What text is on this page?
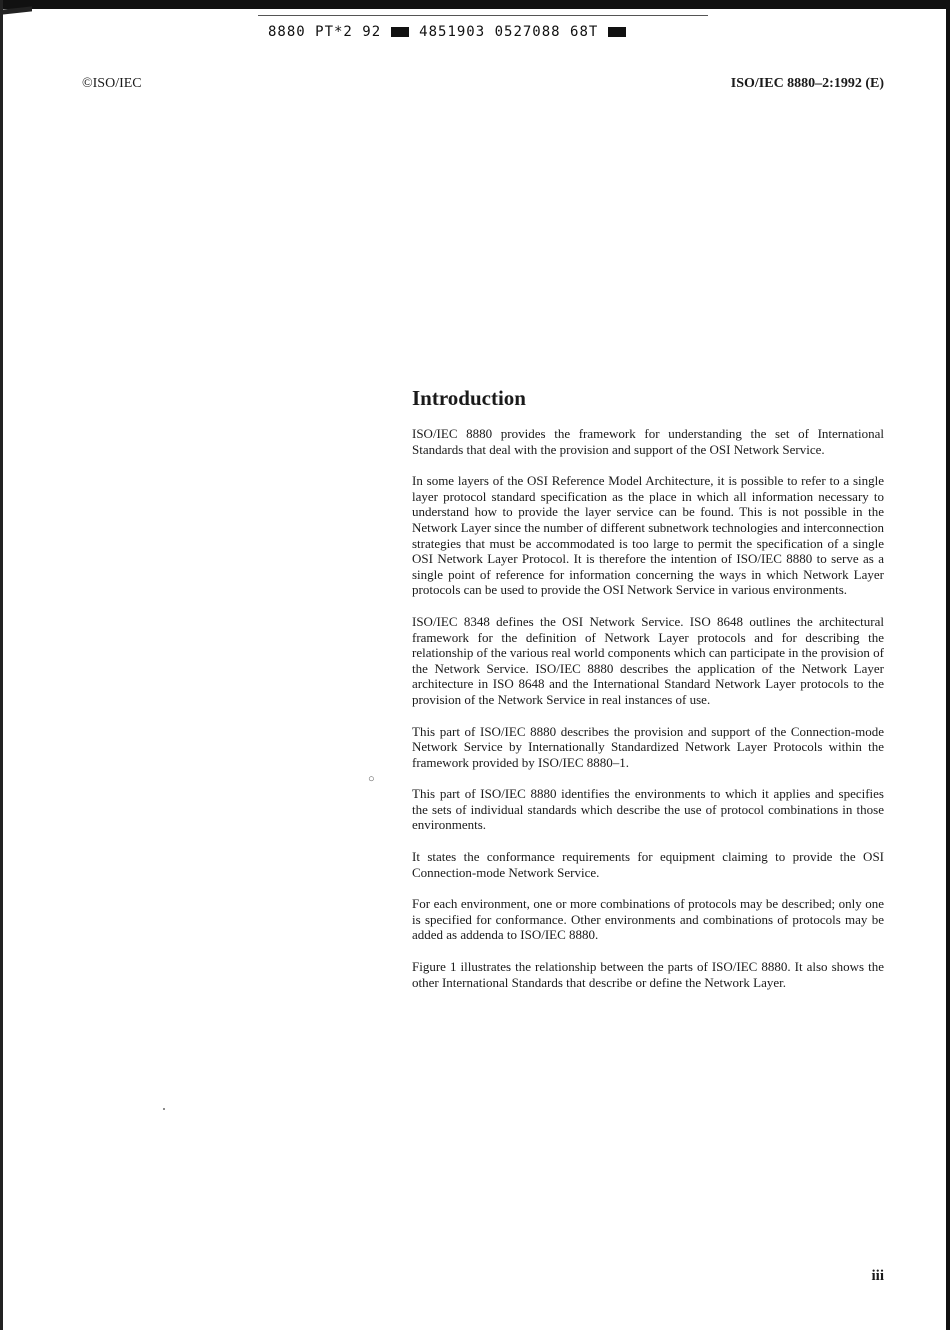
8880 PT*2 92	4851903 0527088 68T
©ISO/IEC	ISO/IEC 8880–2:1992 (E)
Introduction

ISO/IEC 8880 provides the framework for understanding the set of International Standards that deal with the provision and support of the OSI Network Service.

In some layers of the OSI Reference Model Architecture, it is possible to refer to a single layer protocol standard specification as the place in which all information necessary to understand how to provide the layer service can be found. This is not possible in the Network Layer since the number of different subnetwork technologies and interconnection strategies that must be accommodated is too large to permit the specification of a single OSI Network Layer Protocol. It is therefore the intention of ISO/IEC 8880 to serve as a single point of reference for information concerning the ways in which Network Layer protocols can be used to provide the OSI Network Service in various environments.

ISO/IEC 8348 defines the OSI Network Service. ISO 8648 outlines the architectural framework for the definition of Network Layer protocols and for describing the relationship of the various real world components which can participate in the provision of the Network Service. ISO/IEC 8880 describes the application of the Network Layer architecture in ISO 8648 and the International Standard Network Layer protocols to the provision of the Network Service in real instances of use.

This part of ISO/IEC 8880 describes the provision and support of the Connection-mode Network Service by Internationally Standardized Network Layer Protocols within the framework provided by ISO/IEC 8880–1.

This part of ISO/IEC 8880 identifies the environments to which it applies and specifies the sets of individual standards which describe the use of protocol combinations in those environments.

It states the conformance requirements for equipment claiming to provide the OSI Connection-mode Network Service.

For each environment, one or more combinations of protocols may be described; only one is specified for conformance. Other environments and combinations of protocols may be added as addenda to ISO/IEC 8880.

Figure 1 illustrates the relationship between the parts of ISO/IEC 8880. It also shows the other International Standards that describe or define the Network Layer.

○
iii
